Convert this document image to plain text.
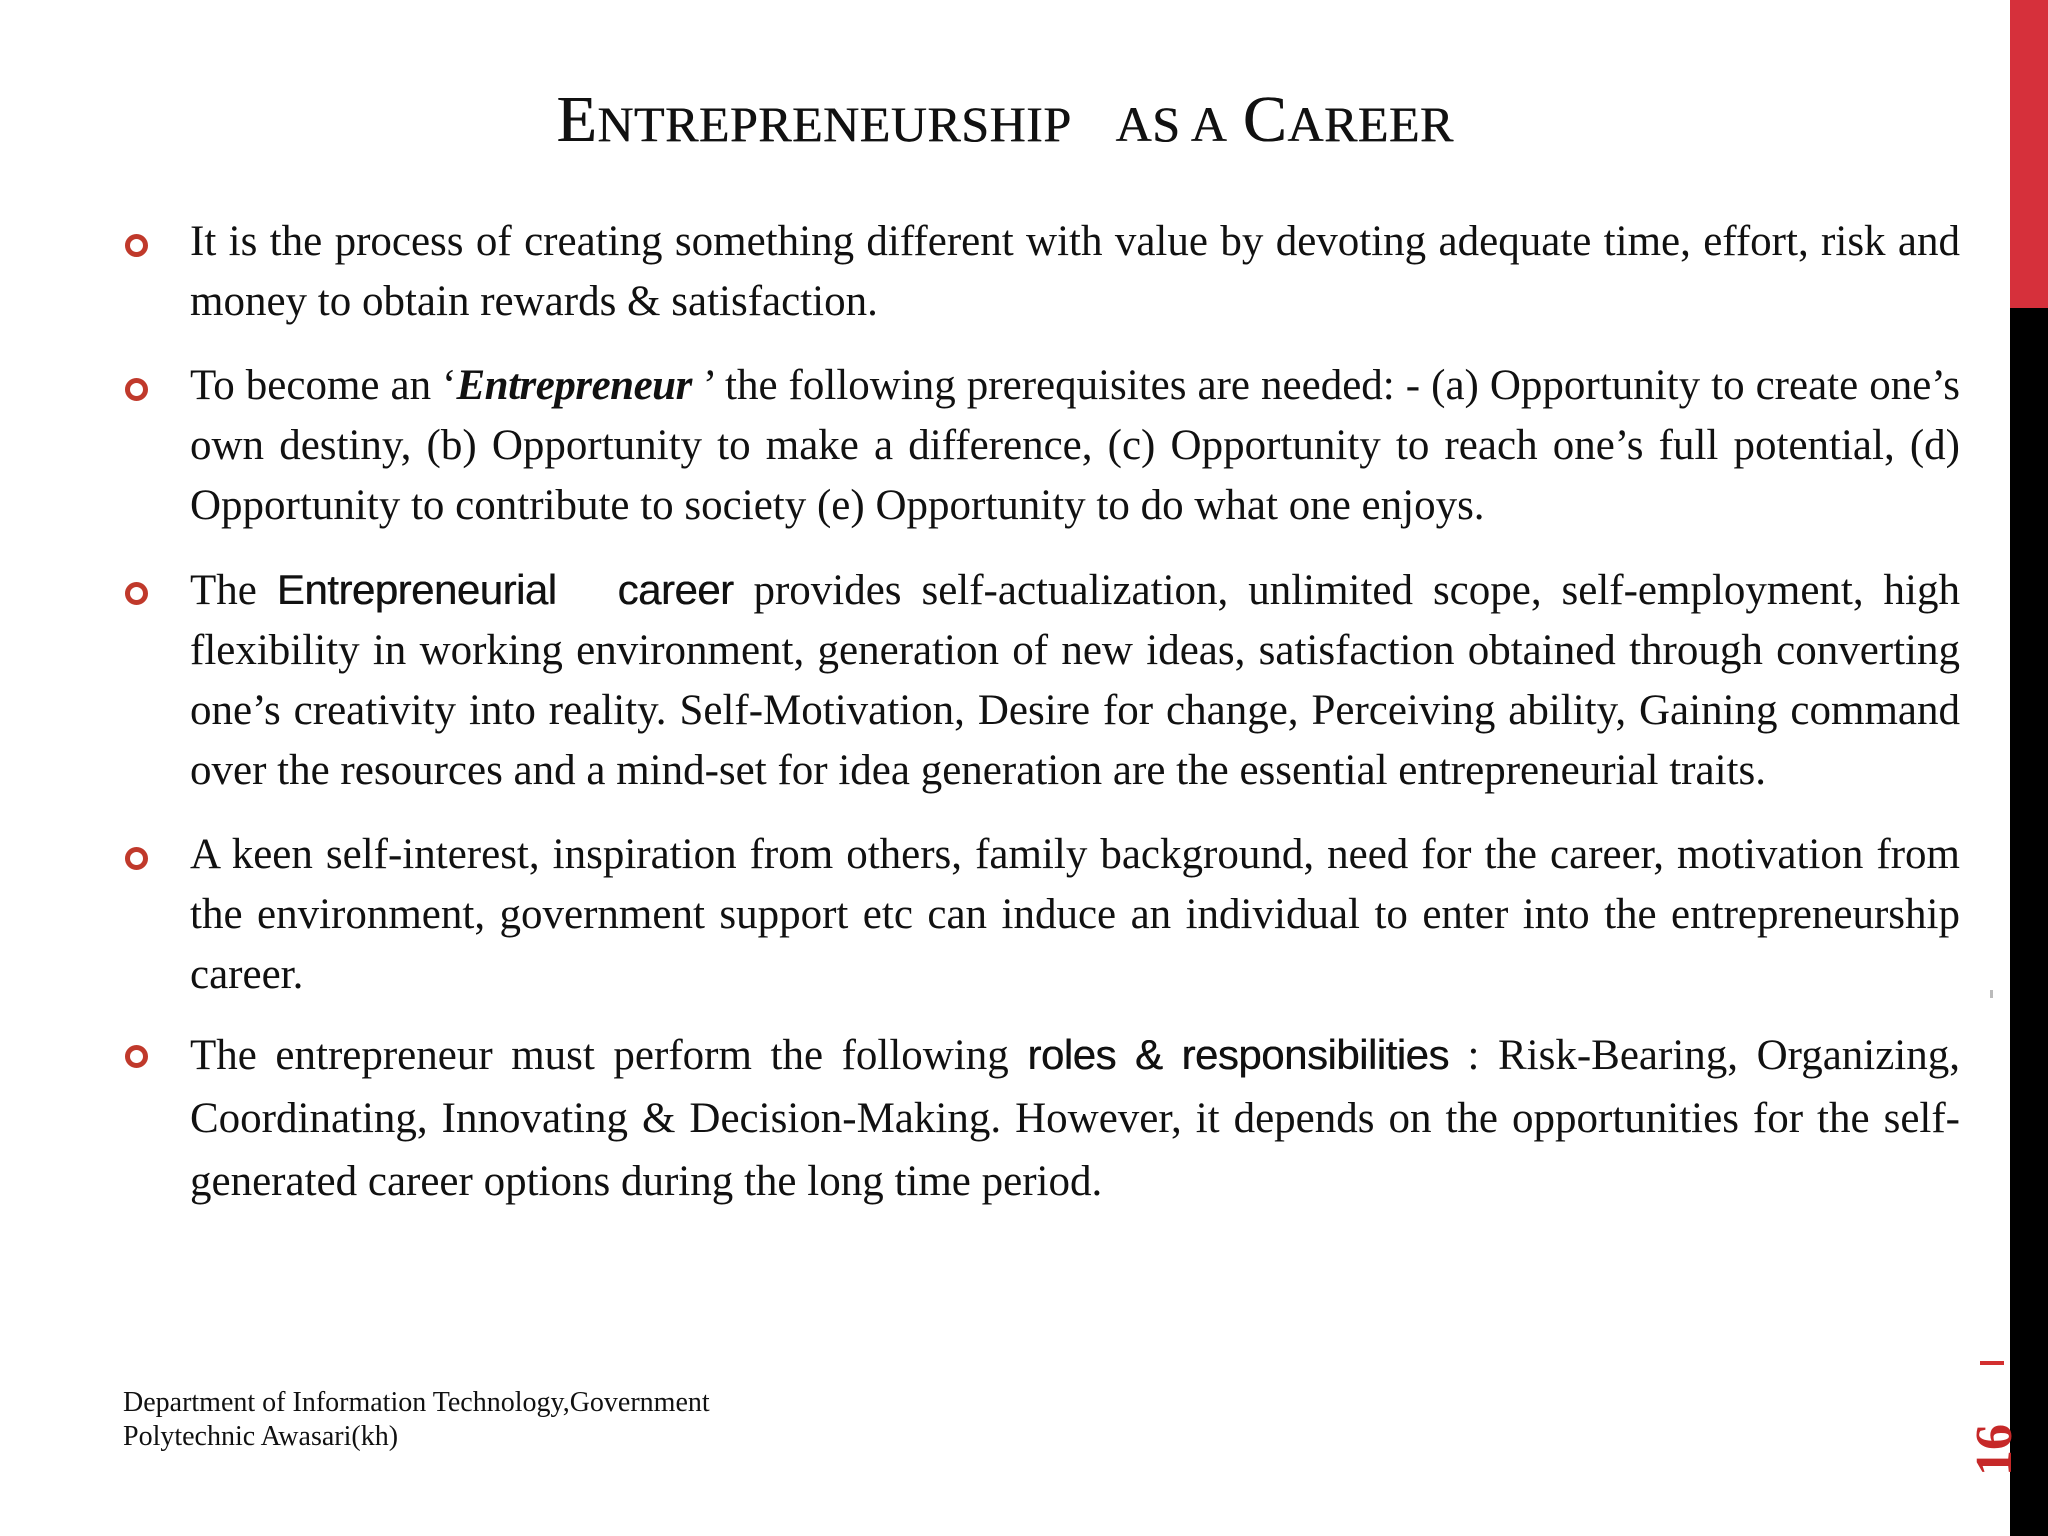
ENTREPRENEURSHIP AS A CAREER
It is the process of creating something different with value by devoting adequate time, effort, risk and money to obtain rewards & satisfaction.
To become an ‘Entrepreneur ’ the following prerequisites are needed: - (a) Opportunity to create one’s own destiny, (b) Opportunity to make a difference, (c) Opportunity to reach one’s full potential, (d) Opportunity to contribute to society (e) Opportunity to do what one enjoys.
The Entrepreneurial   career provides self-actualization, unlimited scope, self-employment, high flexibility in working environment, generation of new ideas, satisfaction obtained through converting one’s creativity into reality. Self-Motivation, Desire for change, Perceiving ability, Gaining command over the resources and a mind-set for idea generation are the essential entrepreneurial traits.
A keen self-interest, inspiration from others, family background, need for the career, motivation from the environment, government support etc can induce an individual to enter into the entrepreneurship career.
The entrepreneur must perform the following roles & responsibilities : Risk-Bearing, Organizing, Coordinating, Innovating & Decision-Making. However, it depends on the opportunities for the self-generated career options during the long time period.
Department of Information Technology,Government
Polytechnic Awasari(kh)	16
